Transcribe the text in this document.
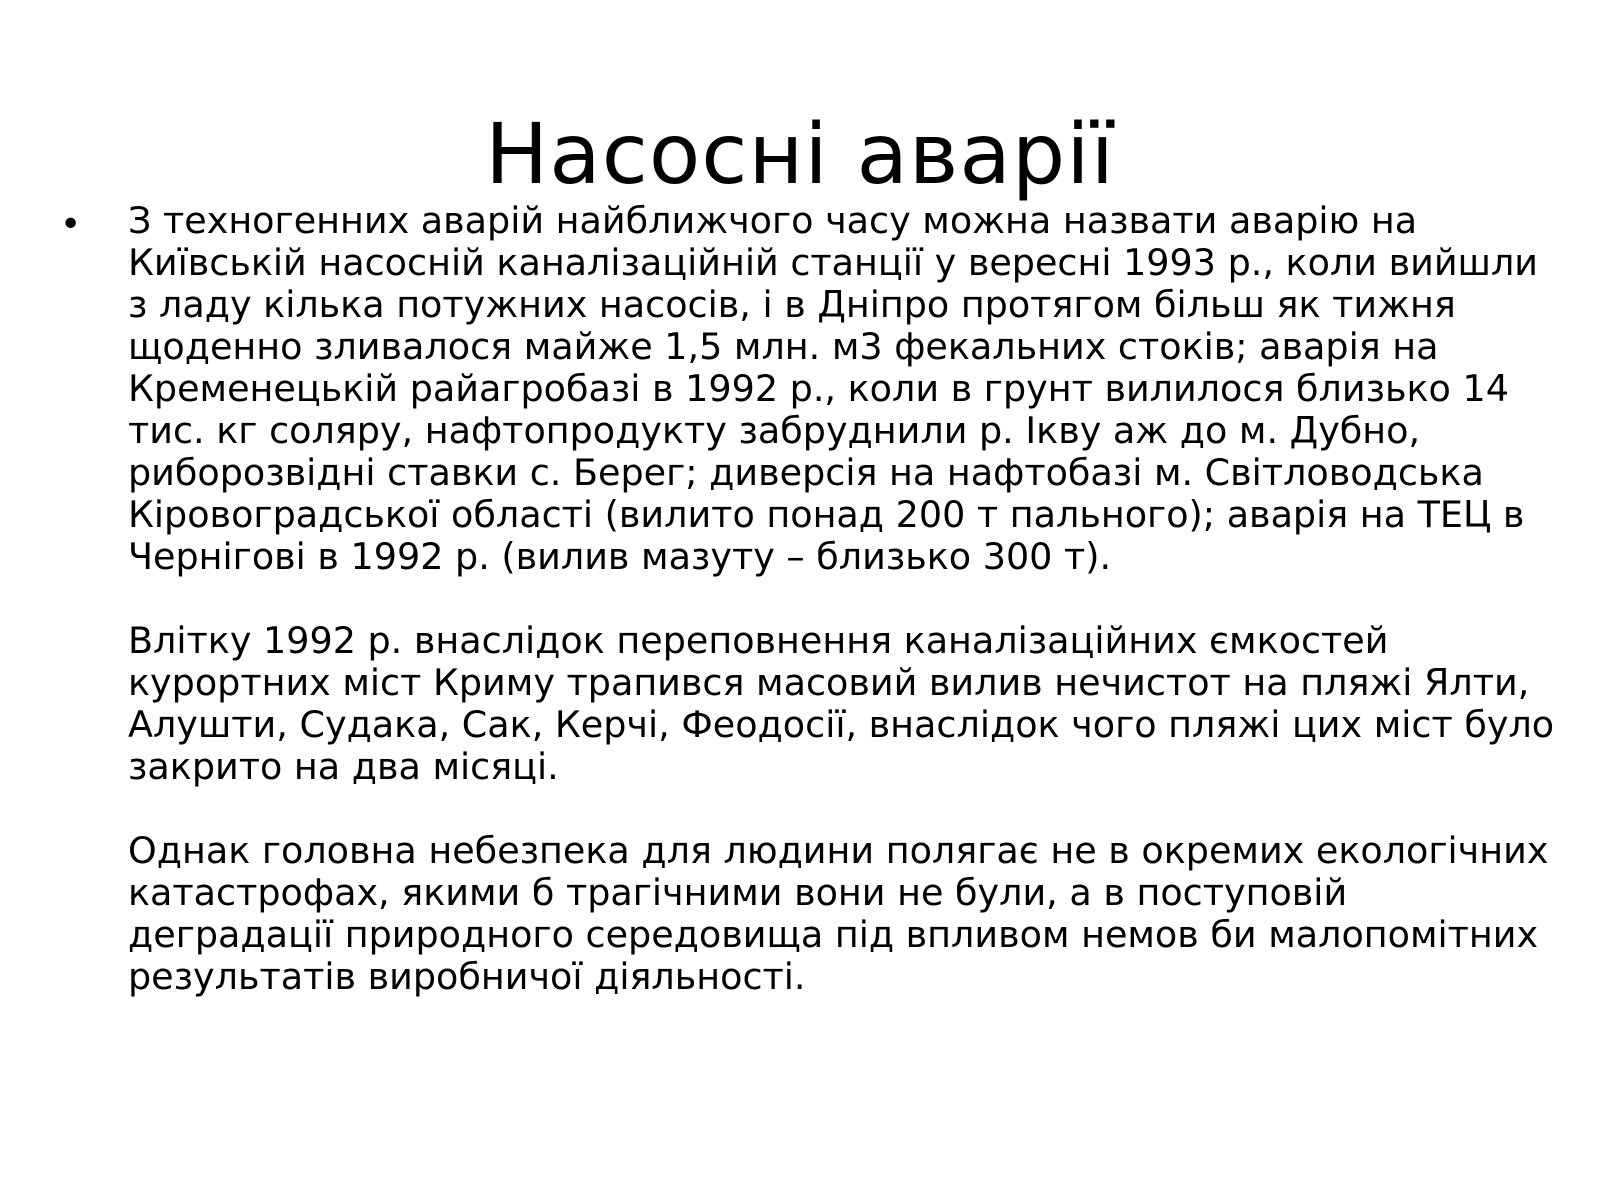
Насосні аварії
• З техногенних аварій найближчого часу можна назвати аварію на Київській насосній каналізаційній станції у вересні 1993 р., коли вийшли з ладу кілька потужних насосів, і в Дніпро протягом більш як тижня щоденно зливалося майже 1,5 млн. м3 фекальних стоків; аварія на Кременецькій райагробазі в 1992 р., коли в грунт вилилося близько 14 тис. кг соляру, нафтопродукту забруднили р. Ікву аж до м. Дубно, риборозвідні ставки с. Берег; диверсія на нафтобазі м. Світловодська Кіровоградської області (вилито понад 200 т пального); аварія на ТЕЦ в Чернігові в 1992 р. (вилив мазуту – близько 300 т).

Влітку 1992 р. внаслідок переповнення каналізаційних ємкостей курортних міст Криму трапився масовий вилив нечистот на пляжі Ялти, Алушти, Судака, Сак, Керчі, Феодосії, внаслідок чого пляжі цих міст було закрито на два місяці.

Однак головна небезпека для людини полягає не в окремих екологічних катастрофах, якими б трагічними вони не були, а в поступовій деградації природного середовища під впливом немов би малопомітних результатів виробничої діяльності.
